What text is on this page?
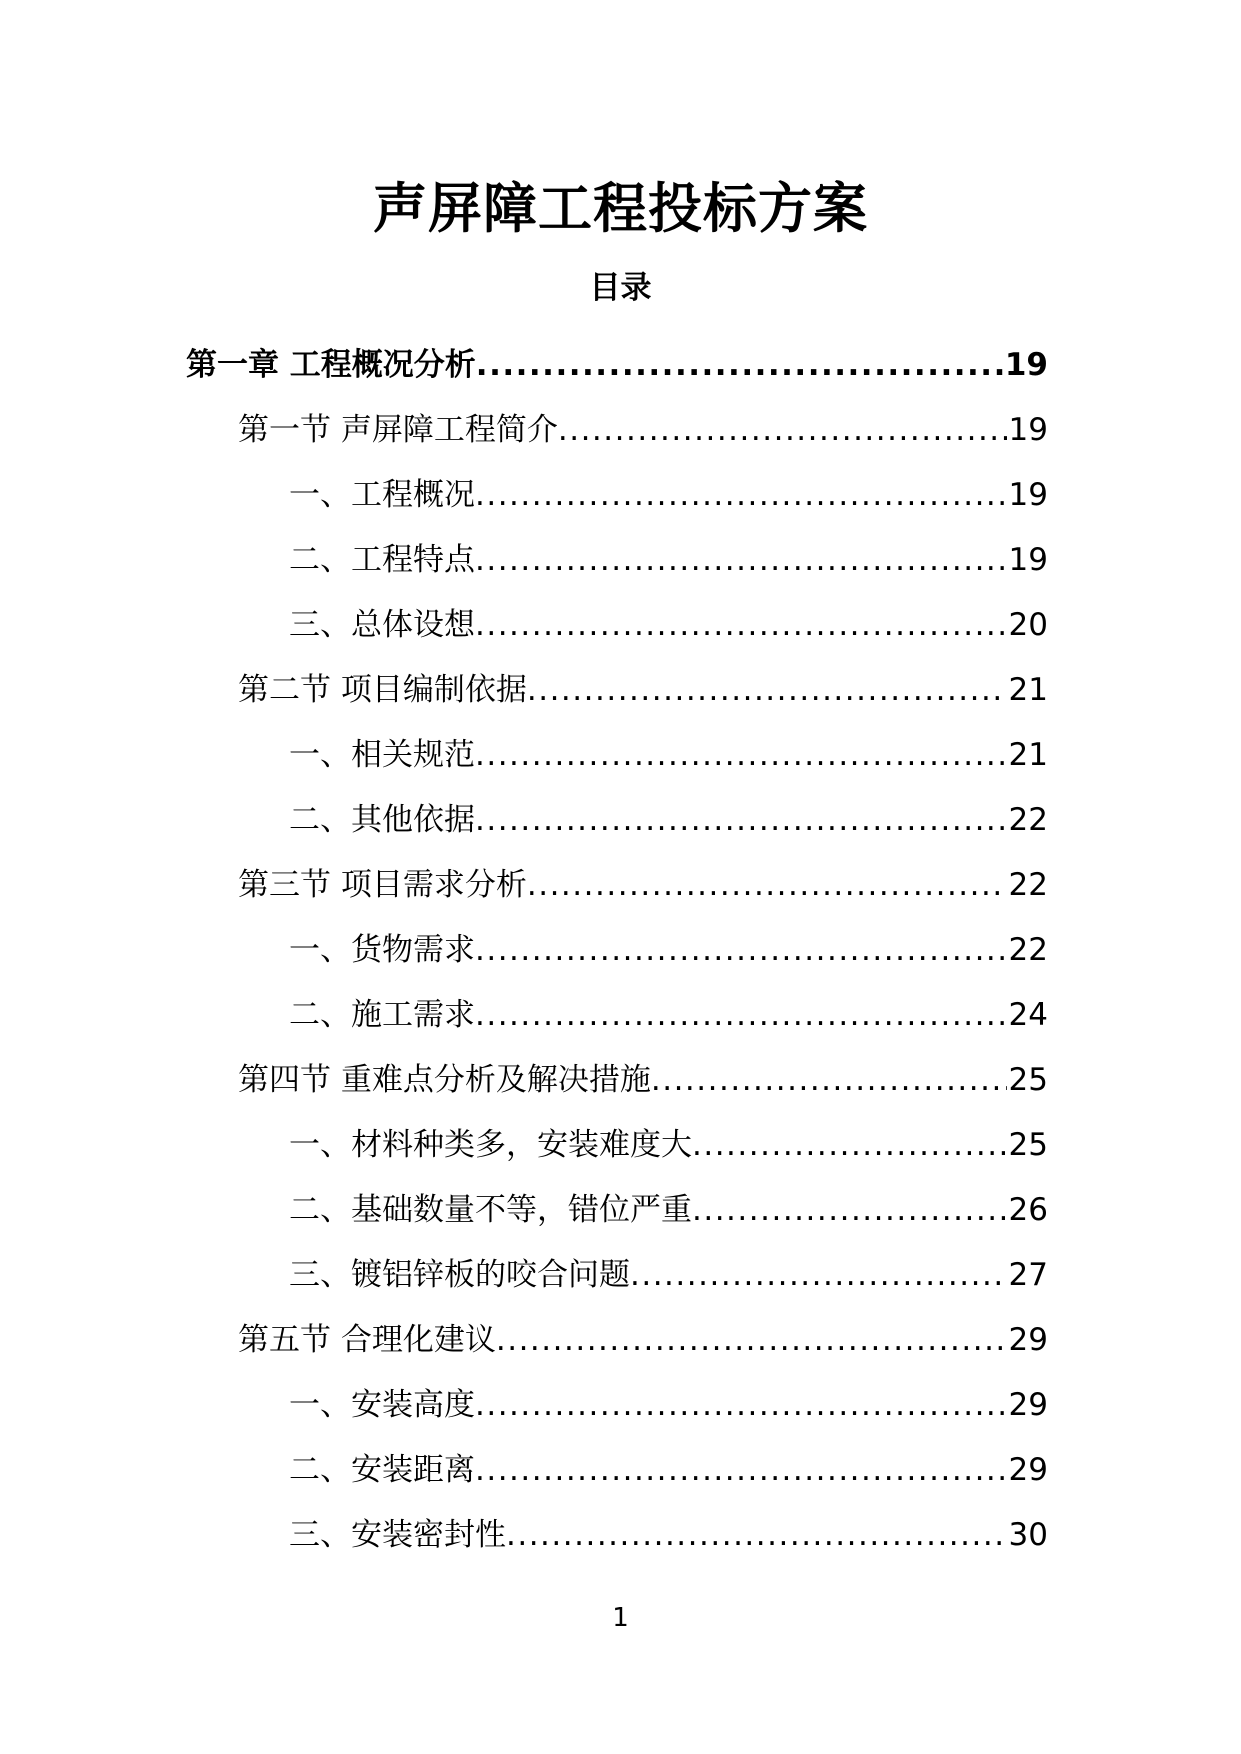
声屏障工程投标方案
目录
第一章 工程概况分析 .....	19
第一节 声屏障工程简介 .....	19
一、工程概况 .....	19
二、工程特点 .....	19
三、总体设想 .....	20
第二节 项目编制依据 .....	21
一、相关规范 .....	21
二、其他依据 .....	22
第三节 项目需求分析 .....	22
一、货物需求 .....	22
二、施工需求 .....	24
第四节 重难点分析及解决措施 .....	25
一、材料种类多，安装难度大 .....	25
二、基础数量不等，错位严重 .....	26
三、镀铝锌板的咬合问题 .....	27
第五节 合理化建议 .....	29
一、安装高度 .....	29
二、安装距离 .....	29
三、安装密封性 .....	30
1
